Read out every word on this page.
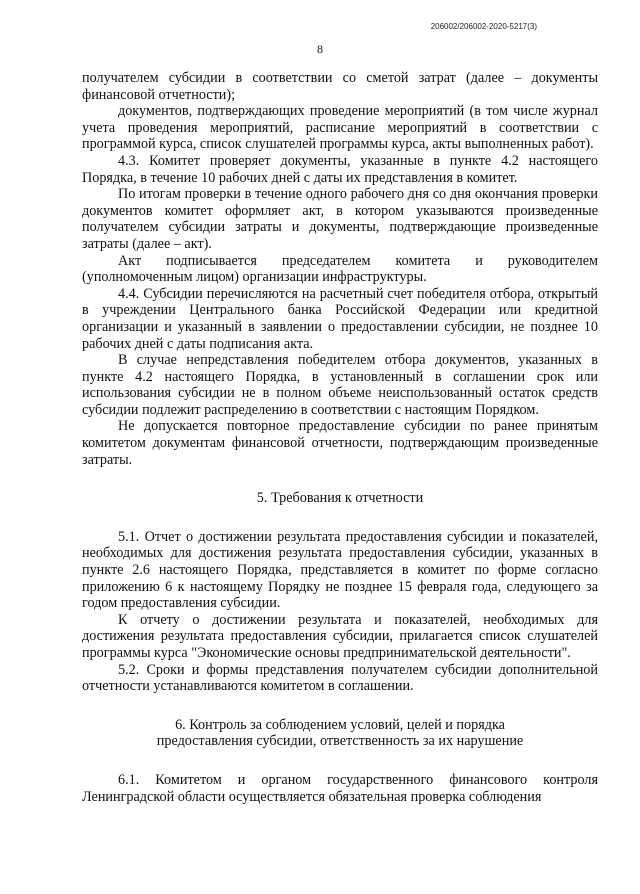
206002/206002-2020-5217(3)
8

получателем субсидии в соответствии со сметой затрат (далее – документы финансовой отчетности);

документов, подтверждающих проведение мероприятий (в том числе журнал учета проведения мероприятий, расписание мероприятий в соответствии с программой курса, список слушателей программы курса, акты выполненных работ).

4.3. Комитет проверяет документы, указанные в пункте 4.2 настоящего Порядка, в течение 10 рабочих дней с даты их представления в комитет.

По итогам проверки в течение одного рабочего дня со дня окончания проверки документов комитет оформляет акт, в котором указываются произведенные получателем субсидии затраты и документы, подтверждающие произведенные затраты (далее – акт).

Акт подписывается председателем комитета и руководителем (уполномоченным лицом) организации инфраструктуры.

4.4. Субсидии перечисляются на расчетный счет победителя отбора, открытый в учреждении Центрального банка Российской Федерации или кредитной организации и указанный в заявлении о предоставлении субсидии, не позднее 10 рабочих дней с даты подписания акта.

В случае непредставления победителем отбора документов, указанных в пункте 4.2 настоящего Порядка, в установленный в соглашении срок или использования субсидии не в полном объеме неиспользованный остаток средств субсидии подлежит распределению в соответствии с настоящим Порядком.

Не допускается повторное предоставление субсидии по ранее принятым комитетом документам финансовой отчетности, подтверждающим произведенные затраты.

5. Требования к отчетности

5.1. Отчет о достижении результата предоставления субсидии и показателей, необходимых для достижения результата предоставления субсидии, указанных в пункте 2.6 настоящего Порядка, представляется в комитет по форме согласно приложению 6 к настоящему Порядку не позднее 15 февраля года, следующего за годом предоставления субсидии.

К отчету о достижении результата и показателей, необходимых для достижения результата предоставления субсидии, прилагается список слушателей программы курса "Экономические основы предпринимательской деятельности".

5.2. Сроки и формы представления получателем субсидии дополнительной отчетности устанавливаются комитетом в соглашении.

6. Контроль за соблюдением условий, целей и порядка

предоставления субсидии, ответственность за их нарушение

6.1. Комитетом и органом государственного финансового контроля Ленинградской области осуществляется обязательная проверка соблюдения
